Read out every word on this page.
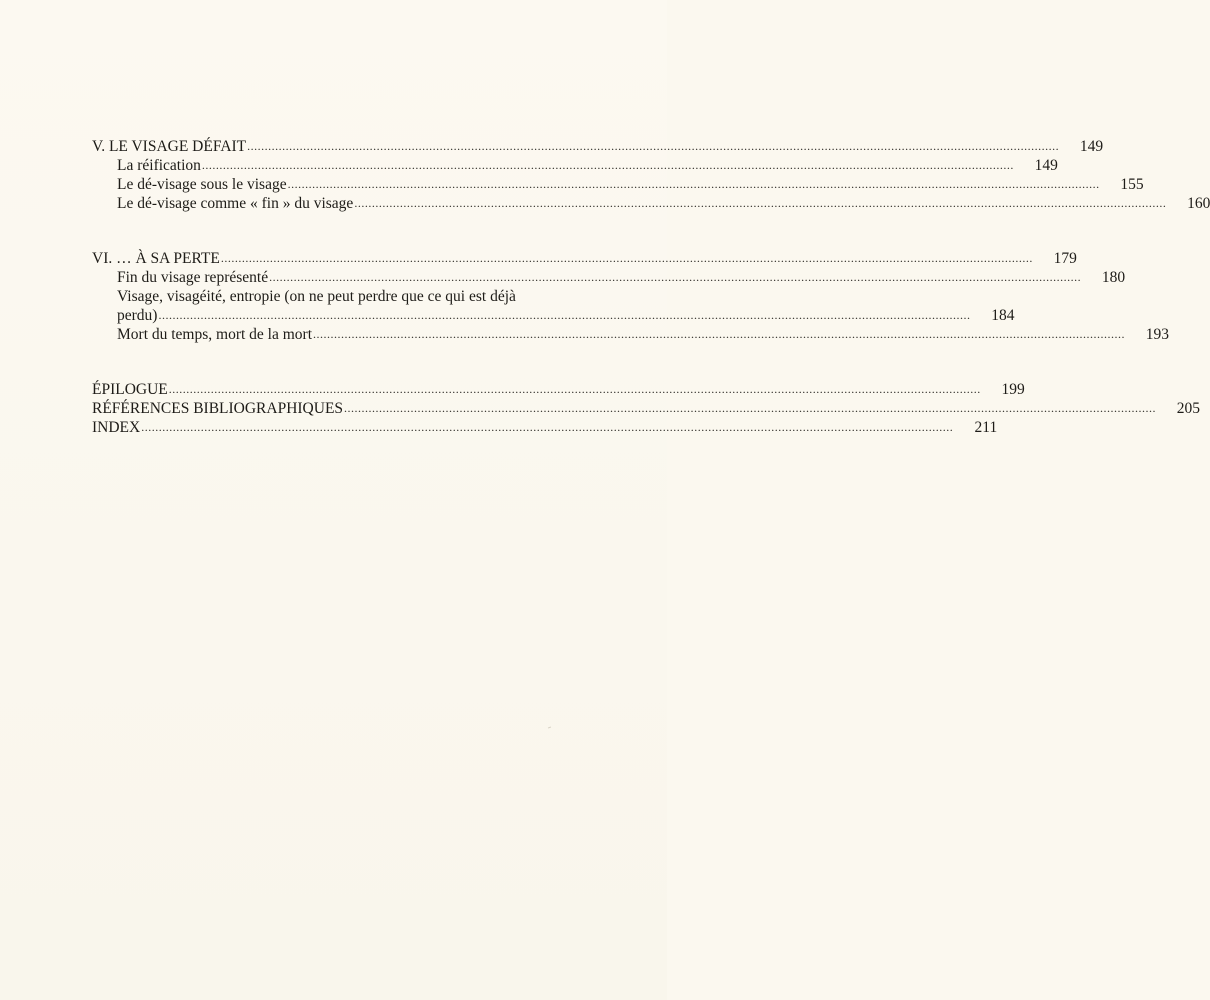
V. LE VISAGE DÉFAIT .....	149
La réification .....	149
Le dé-visage sous le visage .....	155
Le dé-visage comme « fin » du visage .....	160
VI. … À SA PERTE .....	179
Fin du visage représenté .....	180
Visage, visagéité, entropie (on ne peut perdre que ce qui est déjà
perdu) .....	184
Mort du temps, mort de la mort .....	193
ÉPILOGUE .....	199
RÉFÉRENCES BIBLIOGRAPHIQUES .....	205
INDEX .....	211
